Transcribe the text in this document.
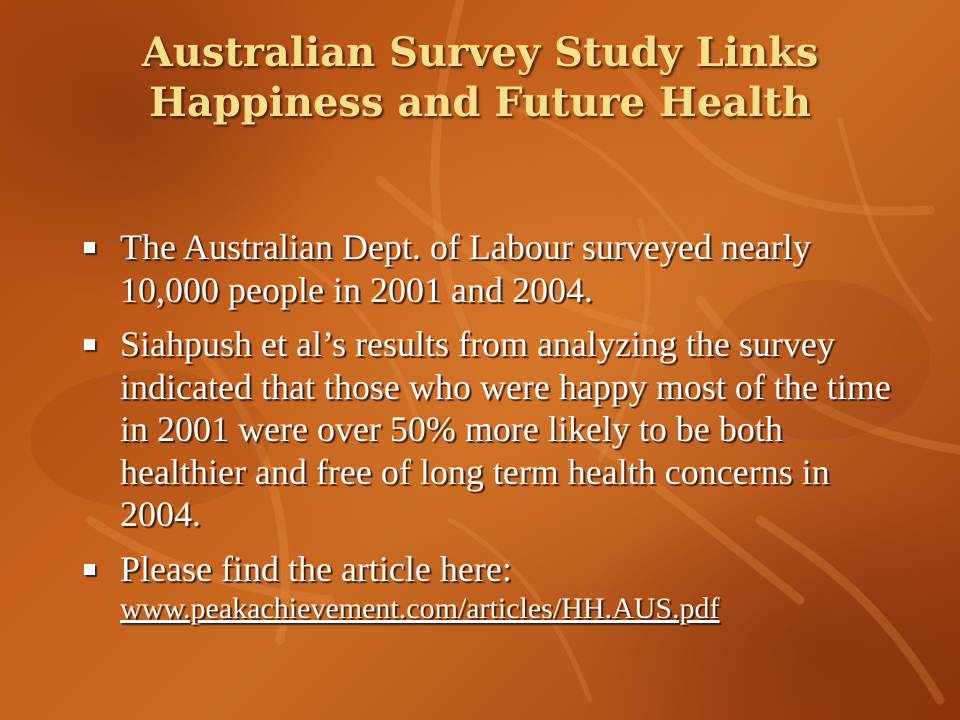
Australian Survey Study Links
Happiness and Future Health
The Australian Dept. of Labour surveyed nearly 10,000 people in 2001 and 2004.
Siahpush et al’s results from analyzing the survey indicated that those who were happy most of the time in 2001 were over 50% more likely to be both healthier and free of long term health concerns in 2004.
Please find the article here:
www.peakachievement.com/articles/HH.AUS.pdf
